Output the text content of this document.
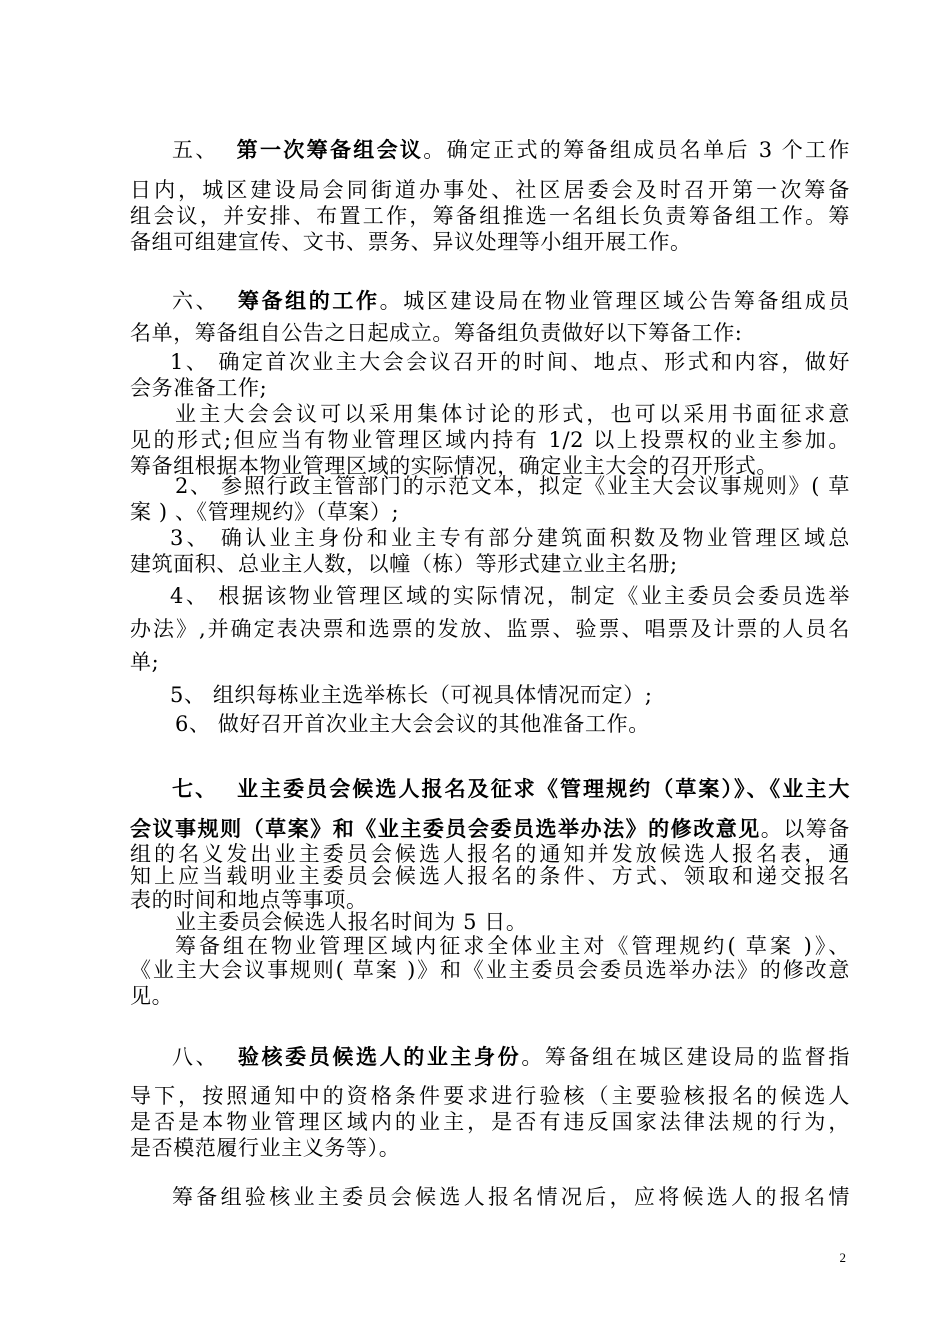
五、 第一次筹备组会议。确定正式的筹备组成员名单后 3 个工作
日内，城区建设局会同街道办事处、社区居委会及时召开第一次筹备
组会议，并安排、布置工作，筹备组推选一名组长负责筹备组工作。筹
备组可组建宣传、文书、票务、异议处理等小组开展工作。
六、 筹备组的工作。城区建设局在物业管理区域公告筹备组成员
名单，筹备组自公告之日起成立。筹备组负责做好以下筹备工作:
1、 确定首次业主大会会议召开的时间、地点、形式和内容，做好
会务准备工作;
业主大会会议可以采用集体讨论的形式，也可以采用书面征求意
见的形式;但应当有物业管理区域内持有 1/2 以上投票权的业主参加。
筹备组根据本物业管理区域的实际情况，确定业主大会的召开形式。
2、 参照行政主管部门的示范文本，拟定《业主大会议事规则》( 草
案 ) 、《管理规约》（草案）;
3、 确认业主身份和业主专有部分建筑面积数及物业管理区域总
建筑面积、总业主人数，以幢（栋）等形式建立业主名册;
4、 根据该物业管理区域的实际情况，制定《业主委员会委员选举
办法》,并确定表决票和选票的发放、监票、验票、唱票及计票的人员名
单;
5、 组织每栋业主选举栋长（可视具体情况而定）;
6、 做好召开首次业主大会会议的其他准备工作。
七、 业主委员会候选人报名及征求《管理规约（草案）》、《业主大
会议事规则（草案》和《业主委员会委员选举办法》的修改意见。以筹备
组的名义发出业主委员会候选人报名的通知并发放候选人报名表，通
知上应当载明业主委员会候选人报名的条件、方式、领取和递交报名
表的时间和地点等事项。
业主委员会候选人报名时间为 5 日。
筹备组在物业管理区域内征求全体业主对《管理规约( 草案 )》、
《业主大会议事规则( 草案 )》和《业主委员会委员选举办法》的修改意
见。
八、 验核委员候选人的业主身份。筹备组在城区建设局的监督指
导下，按照通知中的资格条件要求进行验核（主要验核报名的候选人
是否是本物业管理区域内的业主，是否有违反国家法律法规的行为，
是否模范履行业主义务等）。
筹备组验核业主委员会候选人报名情况后，应将候选人的报名情
2
